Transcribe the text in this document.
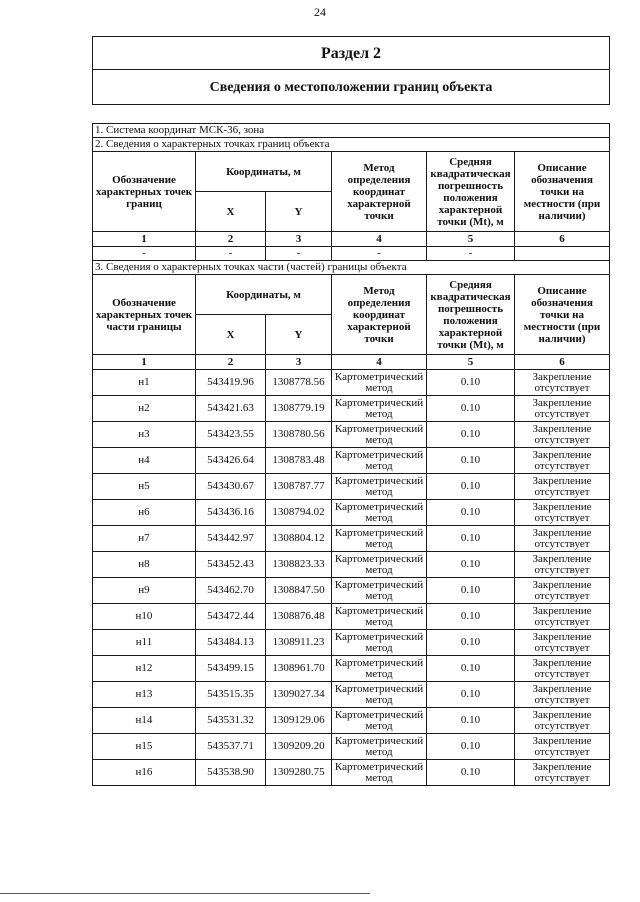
24
Раздел 2					
Сведения о местоположении границ объекта					

1. Система координат МСК-36, зона					
2. Сведения о характерных точках границ объекта					
Обозначение характерных точек границ	Координаты, м		Метод определения координат характерной точки	Средняя квадратическая погрешность положения характерной точки (Mt), м	Описание обозначения точки на местности (при наличии)
	X	Y			
1	2	3	4	5	6
-	-	-	-	-	
3. Сведения о характерных точках части (частей) границы объекта					
Обозначение характерных точек части границы	Координаты, м		Метод определения координат характерной точки	Средняя квадратическая погрешность положения характерной точки (Mt), м	Описание обозначения точки на местности (при наличии)
	X	Y			
1	2	3	4	5	6
н1	543419.96	1308778.56	Картометрический метод	0.10	Закрепление отсутствует
н2	543421.63	1308779.19	Картометрический метод	0.10	Закрепление отсутствует
н3	543423.55	1308780.56	Картометрический метод	0.10	Закрепление отсутствует
н4	543426.64	1308783.48	Картометрический метод	0.10	Закрепление отсутствует
н5	543430.67	1308787.77	Картометрический метод	0.10	Закрепление отсутствует
н6	543436.16	1308794.02	Картометрический метод	0.10	Закрепление отсутствует
н7	543442.97	1308804.12	Картометрический метод	0.10	Закрепление отсутствует
н8	543452.43	1308823.33	Картометрический метод	0.10	Закрепление отсутствует
н9	543462.70	1308847.50	Картометрический метод	0.10	Закрепление отсутствует
н10	543472.44	1308876.48	Картометрический метод	0.10	Закрепление отсутствует
н11	543484.13	1308911.23	Картометрический метод	0.10	Закрепление отсутствует
н12	543499.15	1308961.70	Картометрический метод	0.10	Закрепление отсутствует
н13	543515.35	1309027.34	Картометрический метод	0.10	Закрепление отсутствует
н14	543531.32	1309129.06	Картометрический метод	0.10	Закрепление отсутствует
н15	543537.71	1309209.20	Картометрический метод	0.10	Закрепление отсутствует
н16	543538.90	1309280.75	Картометрический метод	0.10	Закрепление отсутствует
